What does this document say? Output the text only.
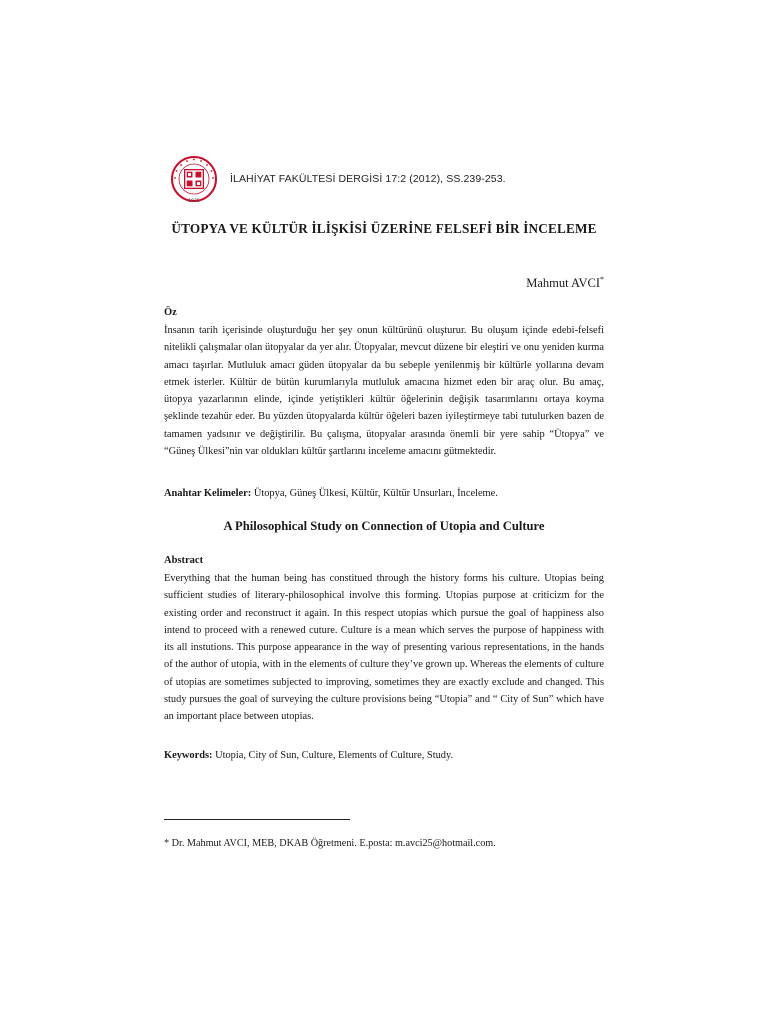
1975
İLAHİYAT FAKÜLTESİ DERGİSİ 17:2 (2012), SS.239-253.
ÜTOPYA VE KÜLTÜR İLİŞKİSİ ÜZERİNE FELSEFİ BİR İNCELEME
Mahmut AVCI*
Öz

İnsanın tarih içerisinde oluşturduğu her şey onun kültürünü oluşturur. Bu oluşum içinde edebi-felsefi nitelikli çalışmalar olan ütopyalar da yer alır. Ütopyalar, mevcut düzene bir eleştiri ve onu yeniden kurma amacı taşırlar. Mutluluk amacı güden ütopyalar da bu sebeple yenilenmiş bir kültürle yollarına devam etmek isterler. Kültür de bütün kurumlarıyla mutluluk amacına hizmet eden bir araç olur. Bu amaç, ütopya yazarlarının elinde, içinde yetiştikleri kültür öğelerinin değişik tasarımlarını ortaya koyma şeklinde tezahür eder. Bu yüzden ütopyalarda kültür öğeleri bazen iyileştirmeye tabi tutulurken bazen de tamamen yadsınır ve değiştirilir. Bu çalışma, ütopyalar arasında önemli bir yere sahip “Ütopya” ve “Güneş Ülkesi”nin var oldukları kültür şartlarını inceleme amacını gütmektedir.

Anahtar Kelimeler: Ütopya, Güneş Ülkesi, Kültür, Kültür Unsurları, İnceleme.
A Philosophical Study on Connection of Utopia and Culture
Abstract

Everything that the human being has constitued through the history forms his culture. Utopias being sufficient studies of literary-philosophical involve this forming. Utopias purpose at criticizm for the existing order and reconstruct it again. In this respect utopias which pursue the goal of happiness also intend to proceed with a renewed cuture. Culture is a mean which serves the purpose of happiness with its all instutions. This purpose appearance in the way of presenting various representations, in the hands of the author of utopia, with in the elements of culture they’ve grown up. Whereas the elements of culture of utopias are sometimes subjected to improving, sometimes they are exactly exclude and changed. This study pursues the goal of surveying the culture provisions being “Utopia” and “ City of Sun” which have an important place between utopias.

Keywords: Utopia, City of Sun, Culture, Elements of Culture, Study.
* Dr. Mahmut AVCI, MEB, DKAB Öğretmeni. E.posta: m.avci25@hotmail.com.
